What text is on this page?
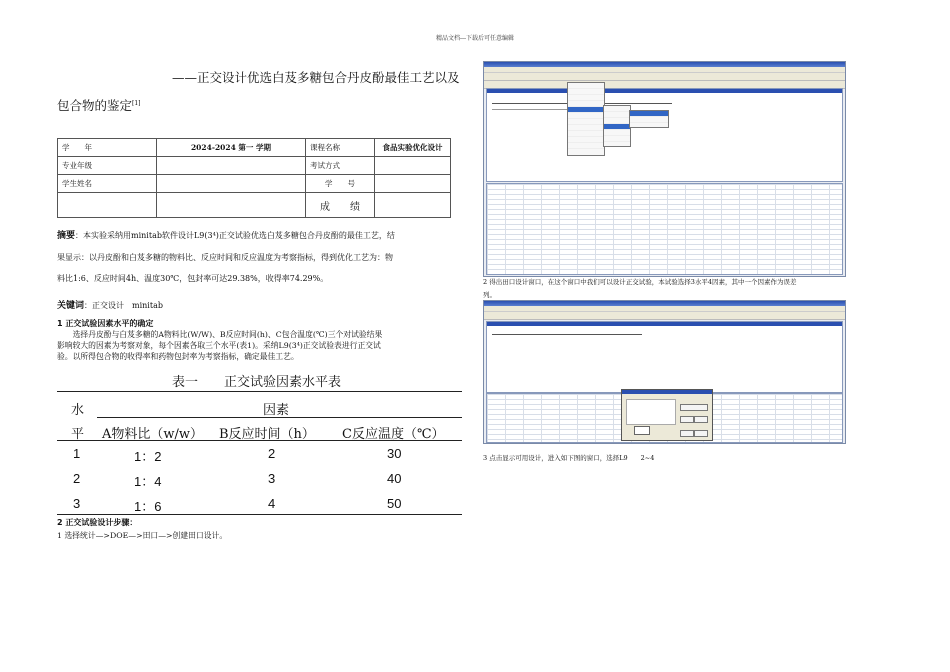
精品文档---下载后可任意编辑
——正交设计优选白芨多糖包合丹皮酚最佳工艺以及
包合物的鉴定[1]
学　　年	2024-2024 第一 学期	课程名称	食品实验优化设计
专业年级		考试方式	
学生姓名		学　　号	
		成　　绩	
摘要：本实验采纳用minitab软件设计L9(3⁴)正交试验优选白芨多糖包合丹皮酚的最佳工艺，结
果显示：以丹皮酚和白芨多糖的物料比、反应时间和反应温度为考察指标，得到优化工艺为：物
料比1:6、反应时间4h、温度30℃，包封率可达29.38%，收得率74.29%。
关键词：正交设计　minitab
1 正交试验因素水平的确定
　　选择丹皮酚与白芨多糖的A物料比(W/W)、B反应时间(h)、C包合温度(℃)三个对试验结果
影响较大的因素为考察对象，每个因素各取三个水平(表1)。采纳L9(3⁴)正交试验表进行正交试
验。以所得包合物的收得率和药物包封率为考察指标，确定最佳工艺。
表一　　正交试验因素水平表
水
平
因素
A物料比（w/w） B反应时间（h） C反应温度（℃）
1	1：2	2	30
2	1：4	3	40
3	1：6	4	50
2 正交试验设计步骤：
1 选择统计—>DOE—>田口—>创建田口设计。
2 得出田口设计窗口，在这个窗口中我们可以设计正交试验，本试验选择3水平4因素，其中一个因素作为误差
列。
3 点击显示可用设计，进入如下图的窗口，选择L9　　2~4
